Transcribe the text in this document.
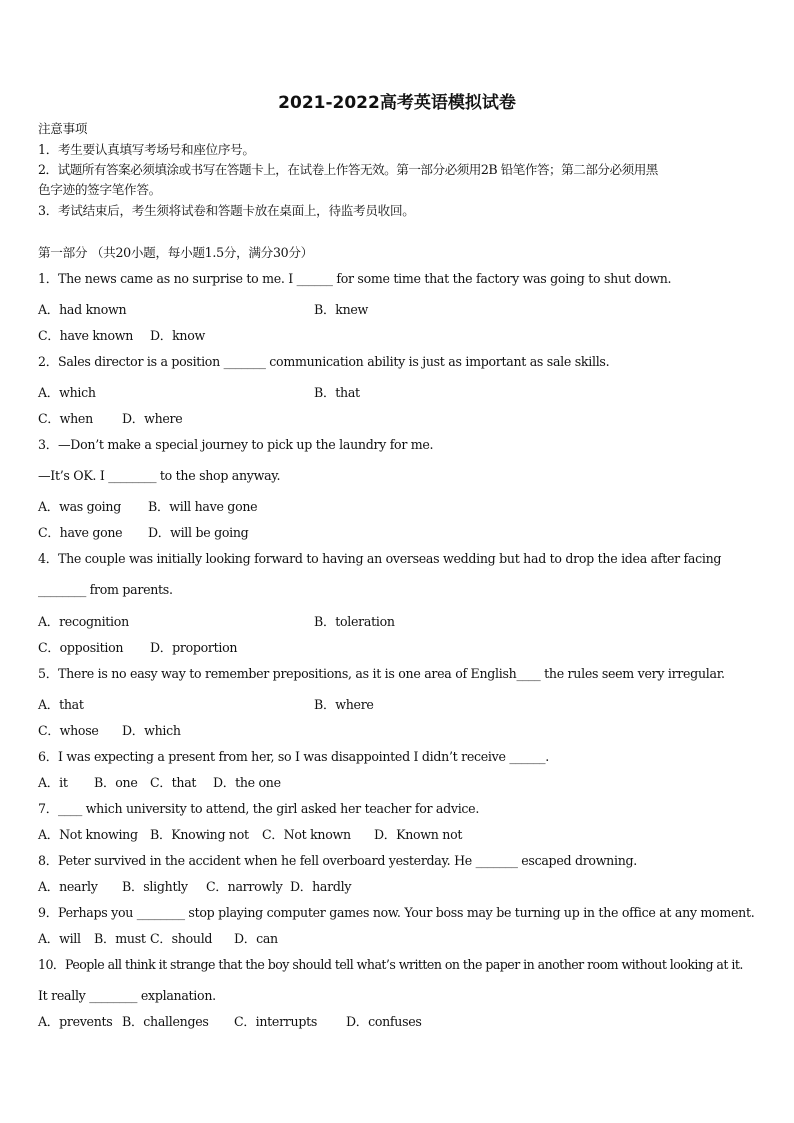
2021-2022高考英语模拟试卷
注意事项
1．考生要认真填写考场号和座位序号。
2．试题所有答案必须填涂或书写在答题卡上，在试卷上作答无效。第一部分必须用2B 铅笔作答；第二部分必须用黑
色字迹的签字笔作答。
3．考试结束后，考生须将试卷和答题卡放在桌面上，待监考员收回。
第一部分 （共20小题，每小题1.5分，满分30分）
1．The news came as no surprise to me. I ______ for some time that the factory was going to shut down.
A．had known	B．knew
C．have known D．know
2．Sales director is a position _______ communication ability is just as important as sale skills.
A．which	B．that
C．when D．where
3．—Don’t make a special journey to pick up the laundry for me.
—It’s OK. I ________ to the shop anyway.
A．was going B．will have gone
C．have gone D．will be going
4．The couple was initially looking forward to having an overseas wedding but had to drop the idea after facing
________ from parents.
A．recognition	B．toleration
C．opposition D．proportion
5．There is no easy way to remember prepositions, as it is one area of English____ the rules seem very irregular.
A．that	B．where
C．whose D．which
6．I was expecting a present from her, so I was disappointed I didn’t receive ______.
A．it B．one C．that D．the one
7．____ which university to attend, the girl asked her teacher for advice.
A．Not knowing B．Knowing not C．Not known D．Known not
8．Peter survived in the accident when he fell overboard yesterday. He _______ escaped drowning.
A．nearly B．slightly C．narrowly D．hardly
9．Perhaps you ________ stop playing computer games now. Your boss may be turning up in the office at any moment.
A．will B．must C．should D．can
10．People all think it strange that the boy should tell what’s written on the paper in another room without looking at it.
It really ________ explanation.
A．prevents B．challenges C．interrupts D．confuses
